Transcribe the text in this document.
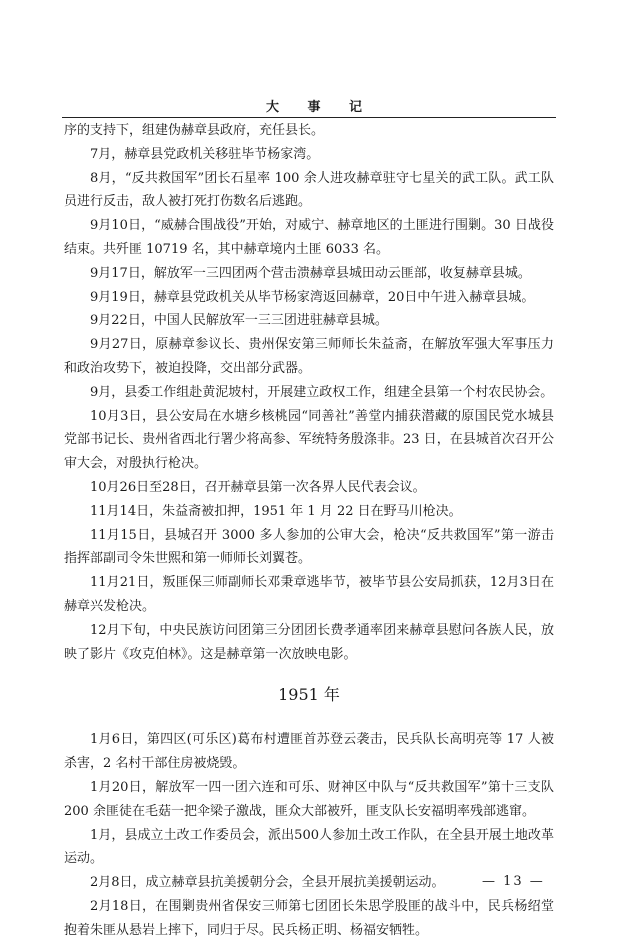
大 事 记

序的支持下，组建伪赫章县政府，充任县长。

7月，赫章县党政机关移驻毕节杨家湾。

8月，“反共救国军”团长石星率 100 余人进攻赫章驻守七星关的武工队。武工队员进行反击，敌人被打死打伤数名后逃跑。

9月10日，“威赫合围战役”开始，对威宁、赫章地区的土匪进行围剿。30 日战役结束。共歼匪 10719 名，其中赫章境内土匪 6033 名。

9月17日，解放军一三四团两个营击溃赫章县城田动云匪部，收复赫章县城。

9月19日，赫章县党政机关从毕节杨家湾返回赫章，20日中午进入赫章县城。

9月22日，中国人民解放军一三三团进驻赫章县城。

9月27日，原赫章参议长、贵州保安第三师师长朱益斋，在解放军强大军事压力和政治攻势下，被迫投降，交出部分武器。

9月，县委工作组赴黄泥坡村，开展建立政权工作，组建全县第一个村农民协会。

10月3日，县公安局在水塘乡核桃园“同善社”善堂内捕获潜藏的原国民党水城县党部书记长、贵州省西北行署少将高参、军统特务殷涤非。23 日，在县城首次召开公审大会，对殷执行枪决。

10月26日至28日，召开赫章县第一次各界人民代表会议。

11月14日，朱益斋被扣押，1951 年 1 月 22 日在野马川枪决。

11月15日，县城召开 3000 多人参加的公审大会，枪决“反共救国军”第一游击指挥部副司令朱世熙和第一师师长刘翼苍。

11月21日，叛匪保三师副师长邓秉章逃毕节，被毕节县公安局抓获，12月3日在赫章兴发枪决。

12月下旬，中央民族访问团第三分团团长费孝通率团来赫章县慰问各族人民，放映了影片《攻克伯林》。这是赫章第一次放映电影。

1951 年

1月6日，第四区(可乐区)葛布村遭匪首苏登云袭击，民兵队长高明亮等 17 人被杀害，2 名村干部住房被烧毁。

1月20日，解放军一四一团六连和可乐、财神区中队与“反共救国军”第十三支队 200 余匪徒在毛菇一把伞梁子激战，匪众大部被歼，匪支队长安福明率残部逃窜。

1月，县成立土改工作委员会，派出500人参加土改工作队，在全县开展土地改革运动。

2月8日，成立赫章县抗美援朝分会，全县开展抗美援朝运动。

2月18日，在围剿贵州省保安三师第七团团长朱思学股匪的战斗中，民兵杨绍堂抱着朱匪从悬岩上摔下，同归于尽。民兵杨正明、杨福安牺牲。

— 13 —
